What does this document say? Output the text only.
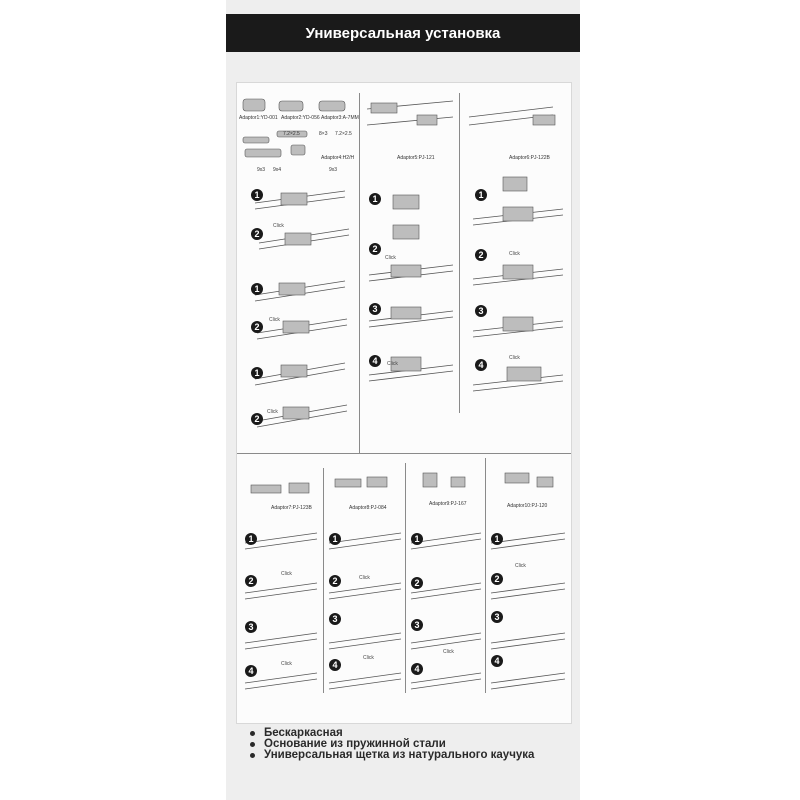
Универсальная установка
Adaptor1:YD-001 Adaptor2:YD-056 Adaptor3:A-7MM
7.2×2.5	8×3 7.2×2.5
Adaptor4:H2/H
9x3 9x4	9x3
1
2
Click
1
2
Click
1
2
Click
Adaptor5:PJ-121
1
2
Click
3
4	Click
Adaptor6:PJ-122B
1
2	Click
3
4
Click
Adaptor7:PJ-123B	Adaptor8:PJ-084
Adaptor9:PJ-167	Adaptor10:PJ-120
1
2
Click
3
4
Click
1
2	Click
3
4
Click
1
2
3
4
Click
1
2
Click
3
4

Бескаркасная

Основание из пружинной стали

Универсальная щетка из натурального каучука
